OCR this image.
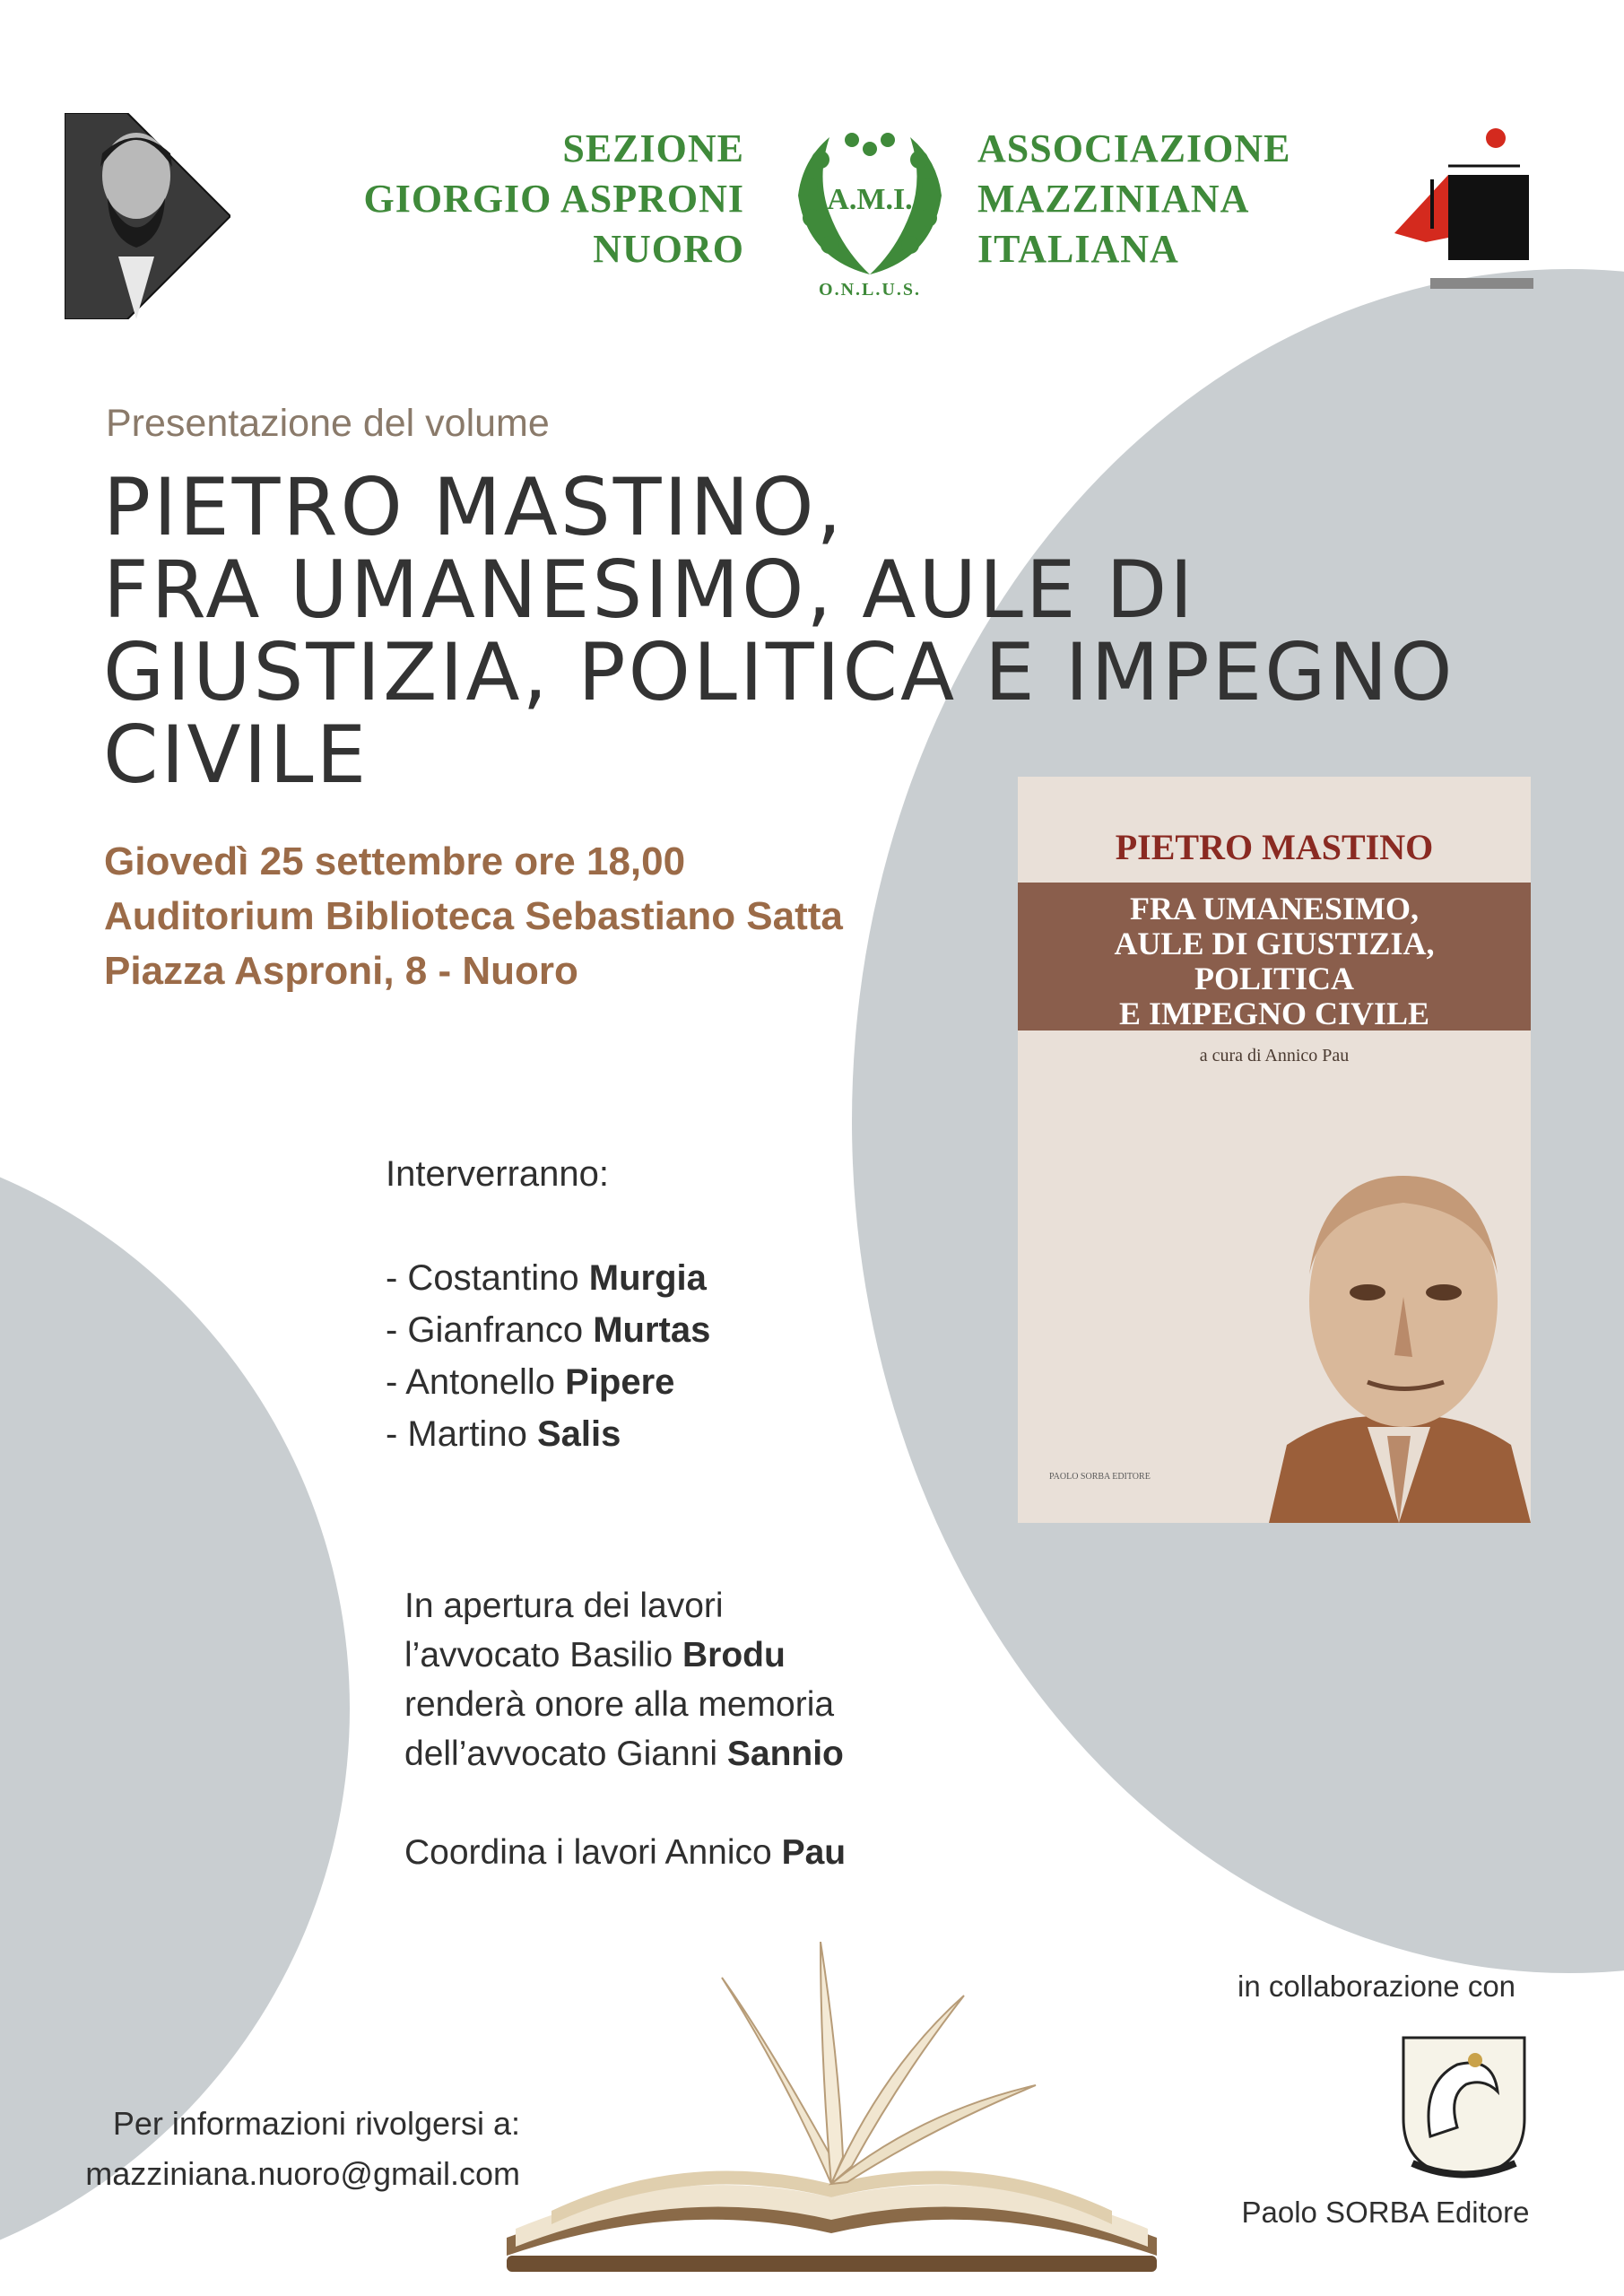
SEZIONE
GIORGIO ASPRONI
NUORO
A.M.I.
O.N.L.U.S.
ASSOCIAZIONE
MAZZINIANA
ITALIANA
Presentazione del volume
PIETRO MASTINO,
FRA UMANESIMO, AULE DI
GIUSTIZIA, POLITICA E IMPEGNO
CIVILE
Giovedì 25 settembre ore 18,00
Auditorium Biblioteca Sebastiano Satta
Piazza Asproni, 8 - Nuoro
PIETRO MASTINO
FRA UMANESIMO,
AULE DI GIUSTIZIA,
POLITICA
E IMPEGNO CIVILE
a cura di Annico Pau
PAOLO SORBA EDITORE
Interverranno:
- Costantino Murgia
- Gianfranco Murtas
- Antonello Pipere
- Martino Salis
In apertura dei lavori
l’avvocato Basilio Brodu
renderà onore alla memoria
dell’avvocato Gianni Sannio
Coordina i lavori Annico Pau
in collaborazione con
Paolo SORBA Editore
Per informazioni rivolgersi a:
mazziniana.nuoro@gmail.com
